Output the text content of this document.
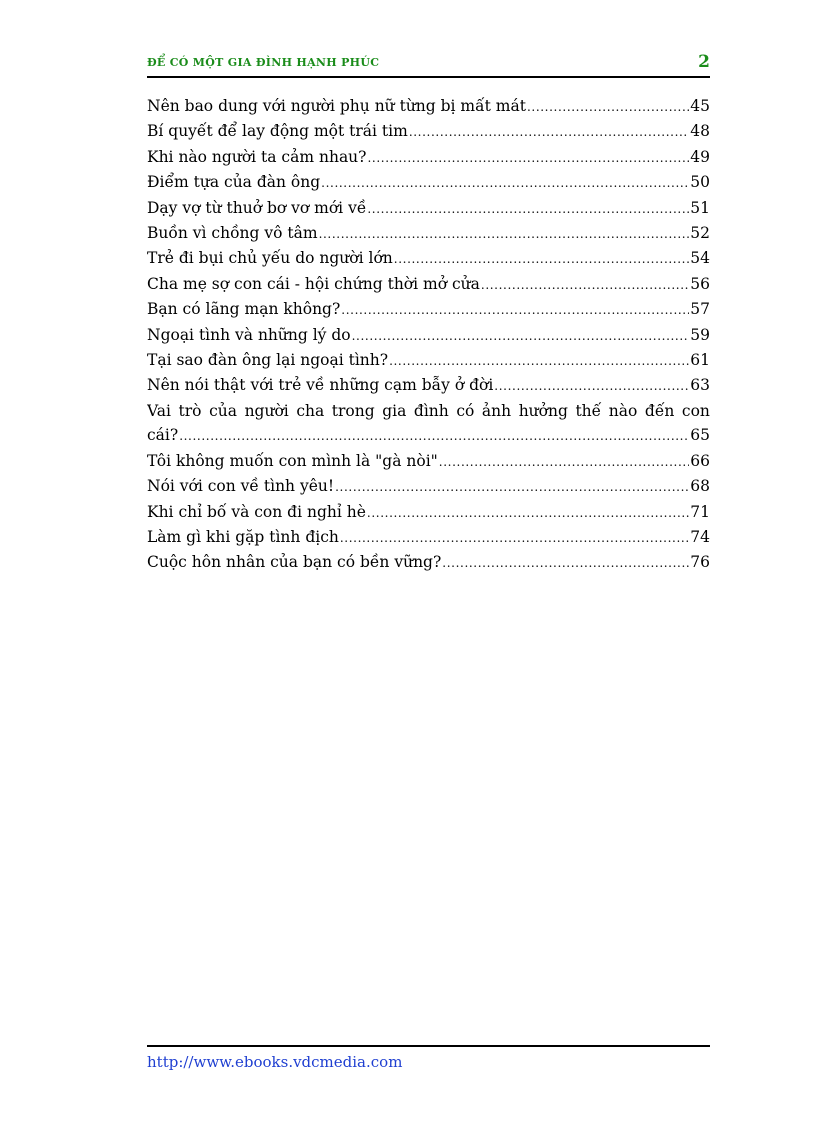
ĐỂ CÓ MỘT GIA ĐÌNH HẠNH PHÚC	2
Nên bao dung với người phụ nữ từng bị mất mát . . .	45
Bí quyết để lay động một trái tim . . .	48
Khi nào người ta cảm nhau? . . .	49
Điểm tựa của đàn ông . . .	50
Dạy vợ từ thuở bơ vơ mới về . . .	51
Buồn vì chồng vô tâm . . .	52
Trẻ đi bụi chủ yếu do người lớn . . .	54
Cha mẹ sợ con cái - hội chứng thời mở cửa . . .	56
Bạn có lãng mạn không? . . .	57
Ngoại tình và những lý do . . .	59
Tại sao đàn ông lại ngoại tình? . . .	61
Nên nói thật với trẻ về những cạm bẫy ở đời . . .	63
Vai trò của người cha trong gia đình có ảnh hưởng thế nào đến con
cái? . . .	65
Tôi không muốn con mình là "gà nòi" . . .	66
Nói với con về tình yêu! . . .	68
Khi chỉ bố và con đi nghỉ hè . . .	71
Làm gì khi gặp tình địch . . .	74
Cuộc hôn nhân của bạn có bền vững? . . .	76
http://www.ebooks.vdcmedia.com
